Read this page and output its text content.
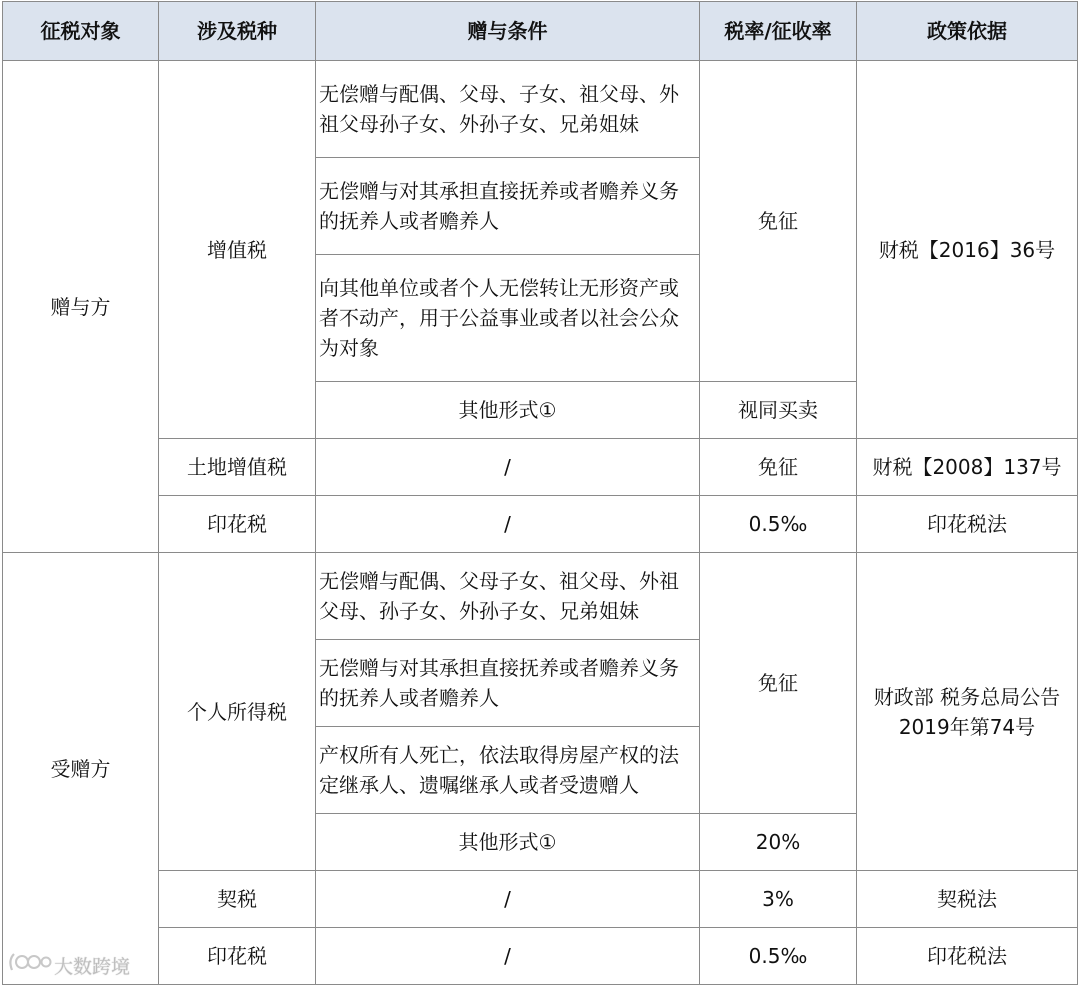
征税对象	涉及税种	赠与条件	税率/征收率	政策依据
赠与方	增值税	无偿赠与配偶、父母、子女、祖父母、外祖父母孙子女、外孙子女、兄弟姐妹	免征	财税【2016】36号
		无偿赠与对其承担直接抚养或者赡养义务的抚养人或者赡养人		
		向其他单位或者个人无偿转让无形资产或者不动产，用于公益事业或者以社会公众为对象		
		其他形式①	视同买卖	
	土地增值税	/	免征	财税【2008】137号
	印花税	/	0.5‰	印花税法
受赠方	个人所得税	无偿赠与配偶、父母子女、祖父母、外祖父母、孙子女、外孙子女、兄弟姐妹	免征	财政部 税务总局公告2019年第74号
		无偿赠与对其承担直接抚养或者赡养义务的抚养人或者赡养人		
		产权所有人死亡，依法取得房屋产权的法定继承人、遗嘱继承人或者受遗赠人		
		其他形式①	20%	
	契税	/	3%	契税法
	印花税	/	0.5‰	印花税法
大数跨境
